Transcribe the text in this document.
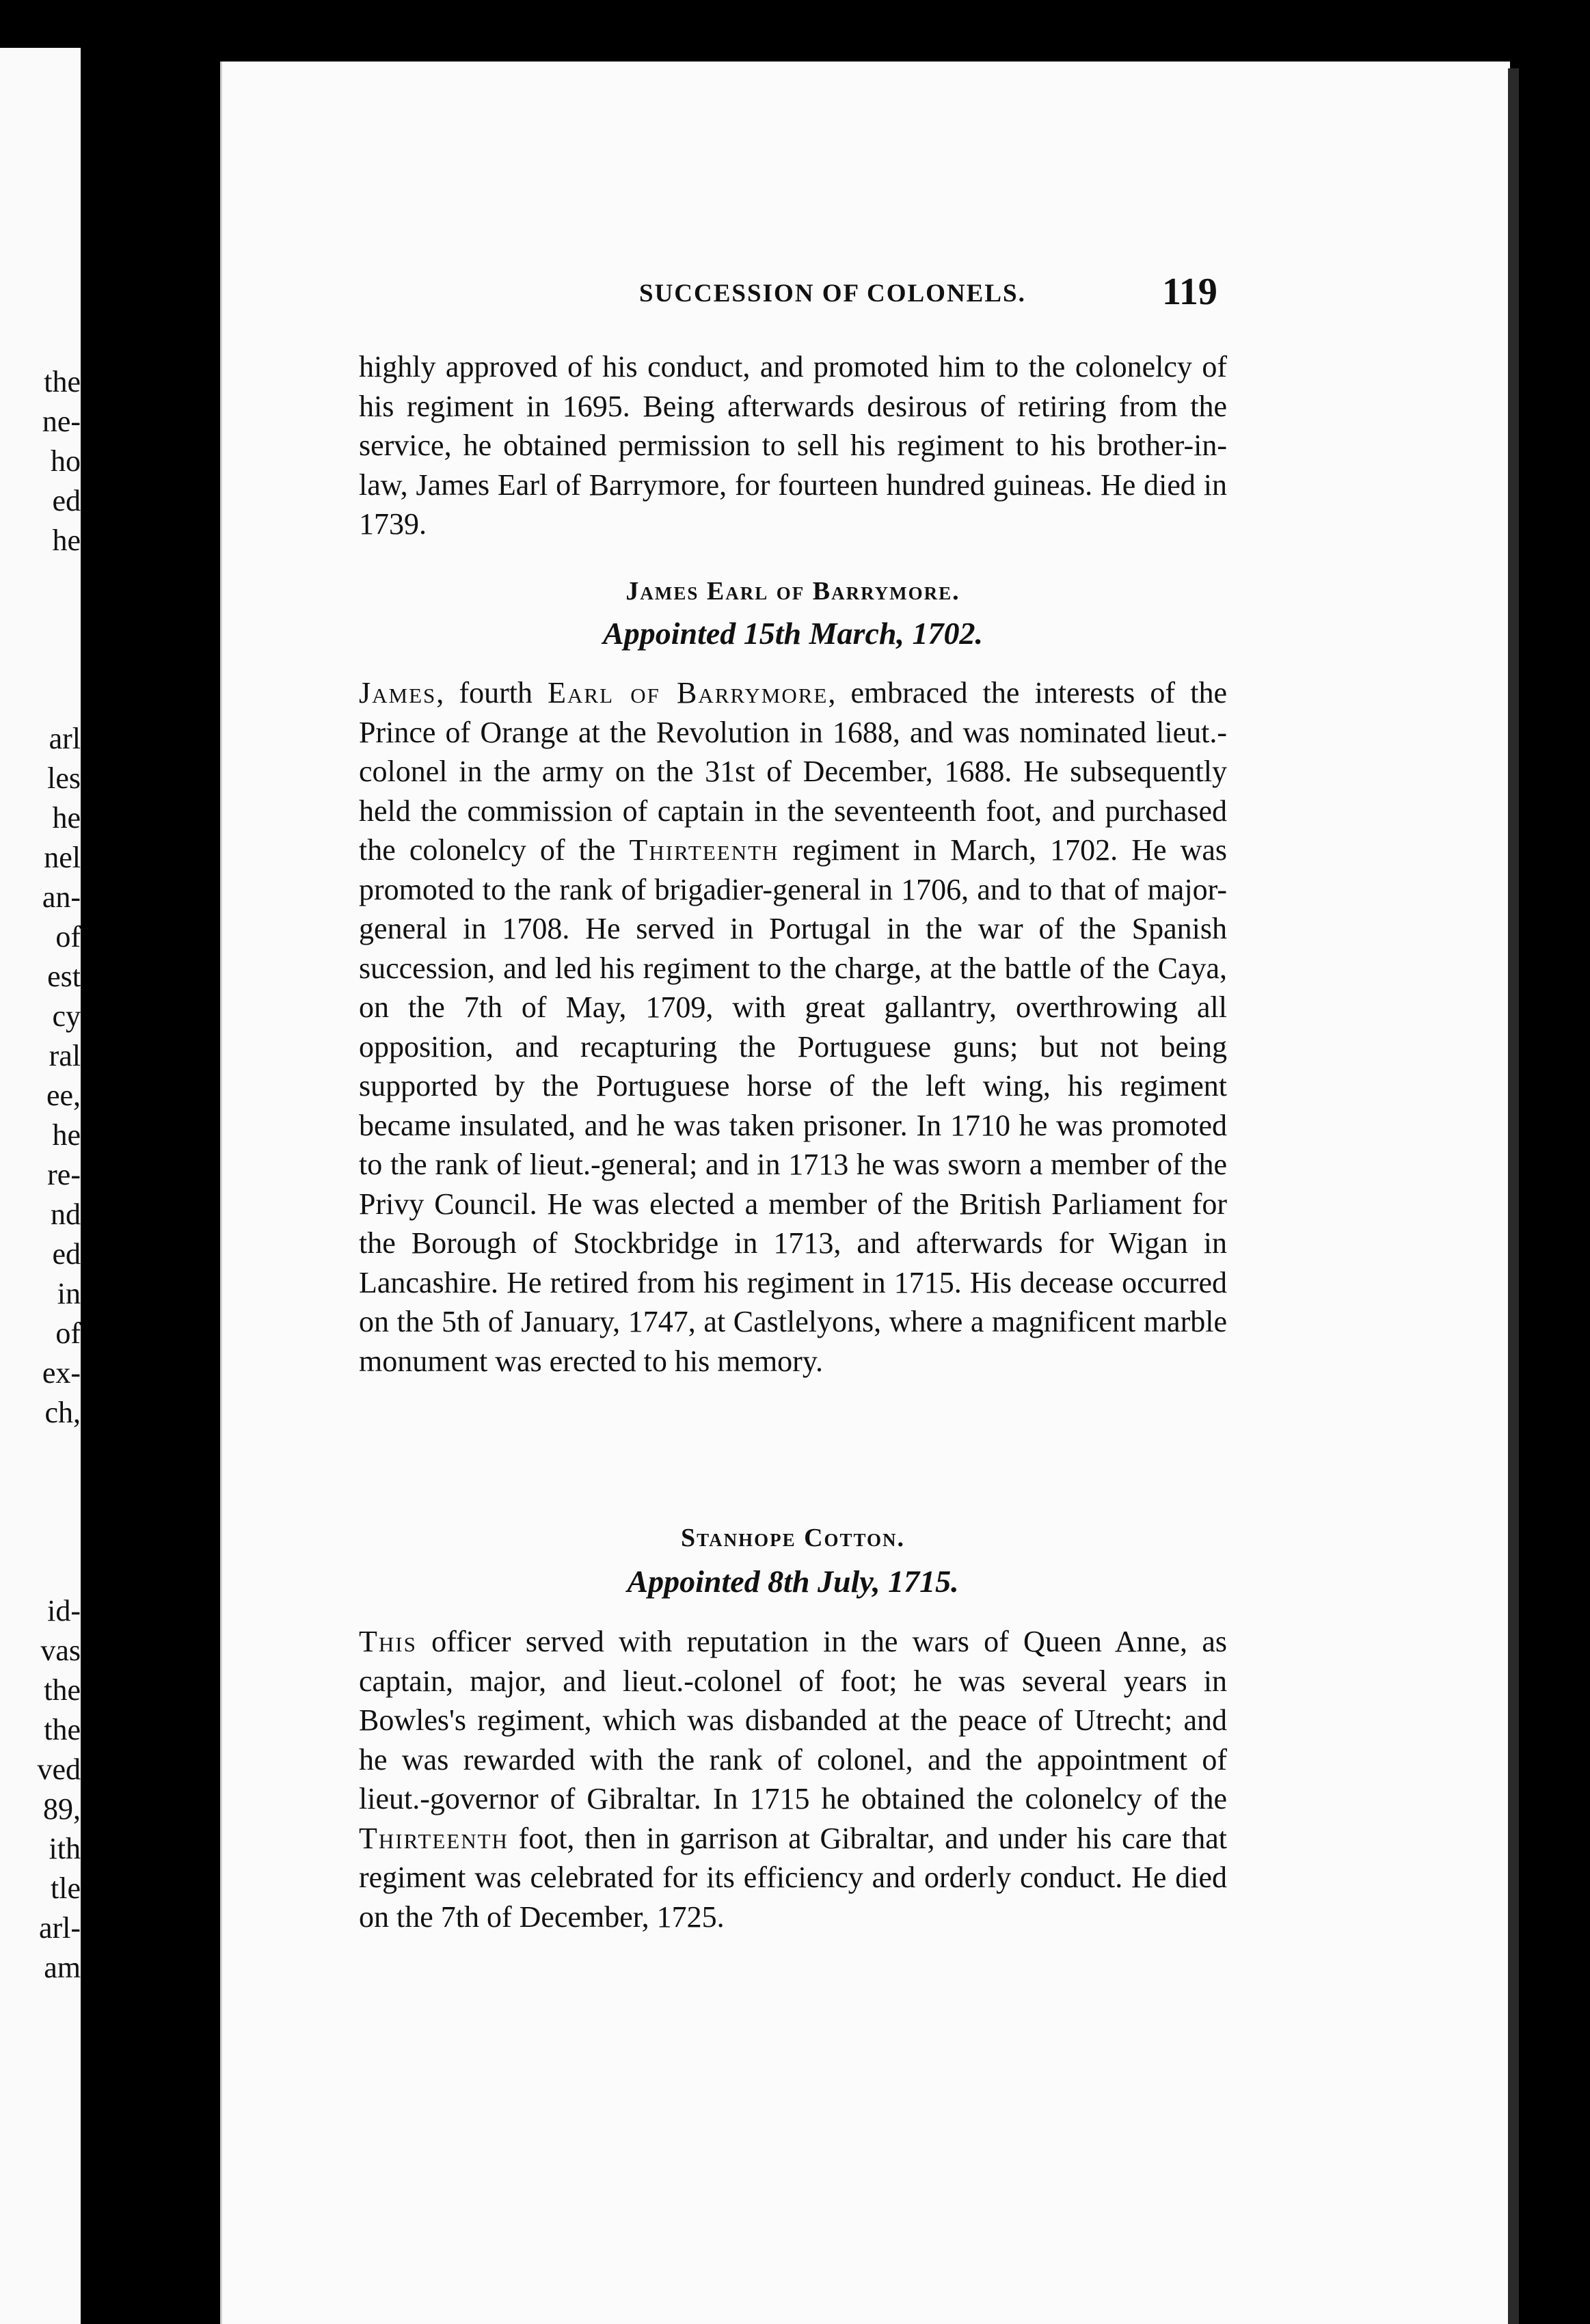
the
ne-
ho
ed
he
arl
les
he
nel
an-
of
est
cy
ral
ee,
he
re-
nd
ed
in
of
ex-
ch,
id-
vas
the
the
ved
89,
ith
tle
arl-
am
SUCCESSION OF COLONELS.	119
highly approved of his conduct, and promoted him to the colonelcy of his regiment in 1695. Being afterwards desirous of retiring from the service, he obtained permission to sell his regiment to his brother-in-law, James Earl of Barrymore, for fourteen hundred guineas. He died in 1739.
James Earl of Barrymore.
Appointed 15th March, 1702.
James, fourth Earl of Barrymore, embraced the interests of the Prince of Orange at the Revolution in 1688, and was nominated lieut.-colonel in the army on the 31st of December, 1688. He subsequently held the commission of captain in the seventeenth foot, and purchased the colonelcy of the Thirteenth regiment in March, 1702. He was promoted to the rank of brigadier-general in 1706, and to that of major-general in 1708. He served in Portugal in the war of the Spanish succession, and led his regiment to the charge, at the battle of the Caya, on the 7th of May, 1709, with great gallantry, overthrowing all opposition, and recapturing the Portuguese guns; but not being supported by the Portuguese horse of the left wing, his regiment became insulated, and he was taken prisoner. In 1710 he was promoted to the rank of lieut.-general; and in 1713 he was sworn a member of the Privy Council. He was elected a member of the British Parliament for the Borough of Stockbridge in 1713, and afterwards for Wigan in Lancashire. He retired from his regiment in 1715. His decease occurred on the 5th of January, 1747, at Castlelyons, where a magnificent marble monument was erected to his memory.
Stanhope Cotton.
Appointed 8th July, 1715.
This officer served with reputation in the wars of Queen Anne, as captain, major, and lieut.-colonel of foot; he was several years in Bowles's regiment, which was disbanded at the peace of Utrecht; and he was rewarded with the rank of colonel, and the appointment of lieut.-governor of Gibraltar. In 1715 he obtained the colonelcy of the Thirteenth foot, then in garrison at Gibraltar, and under his care that regiment was celebrated for its efficiency and orderly conduct. He died on the 7th of December, 1725.
